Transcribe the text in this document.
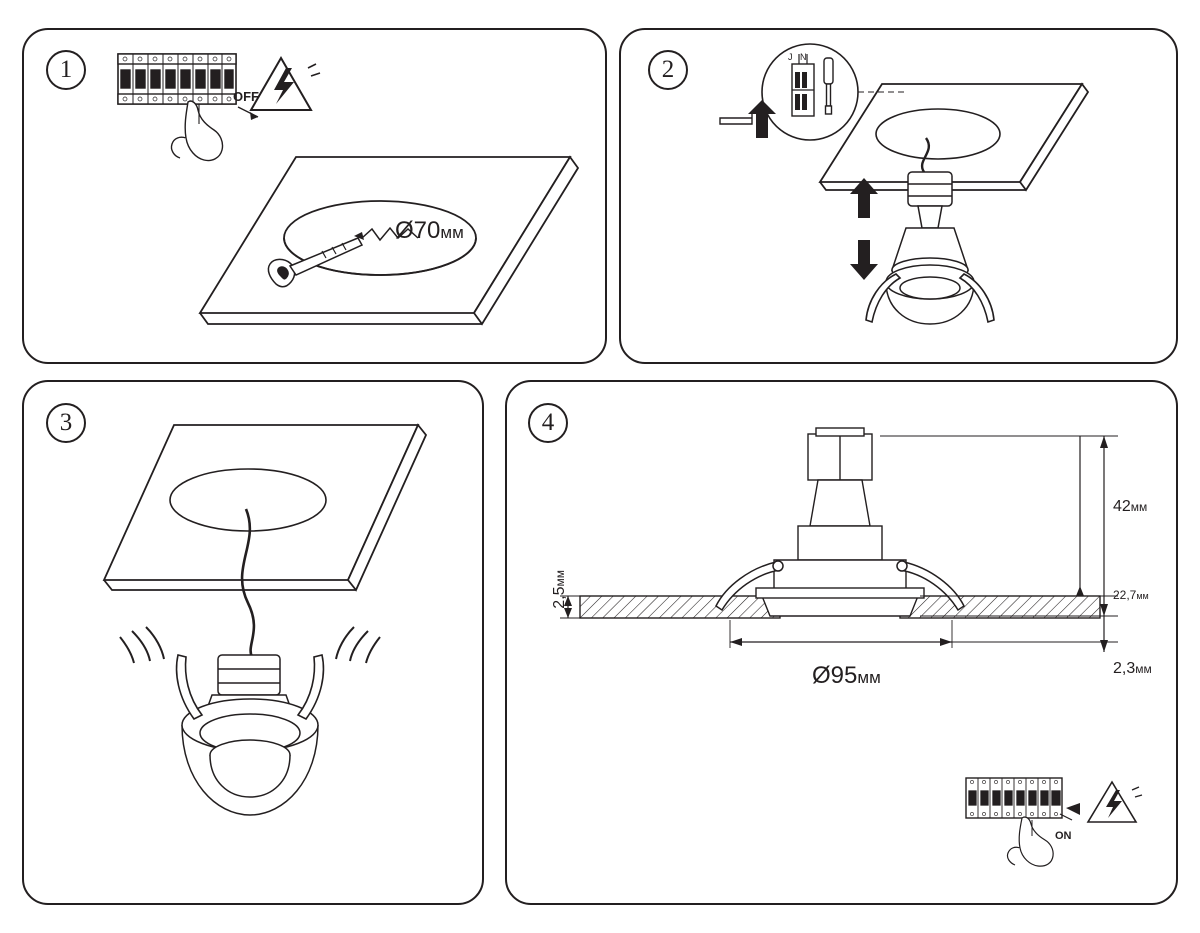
1
OFF
Ø70мм
2	J N
3	4
Ø95мм
42мм
22,7мм
2,3мм
2,5мм
ON
